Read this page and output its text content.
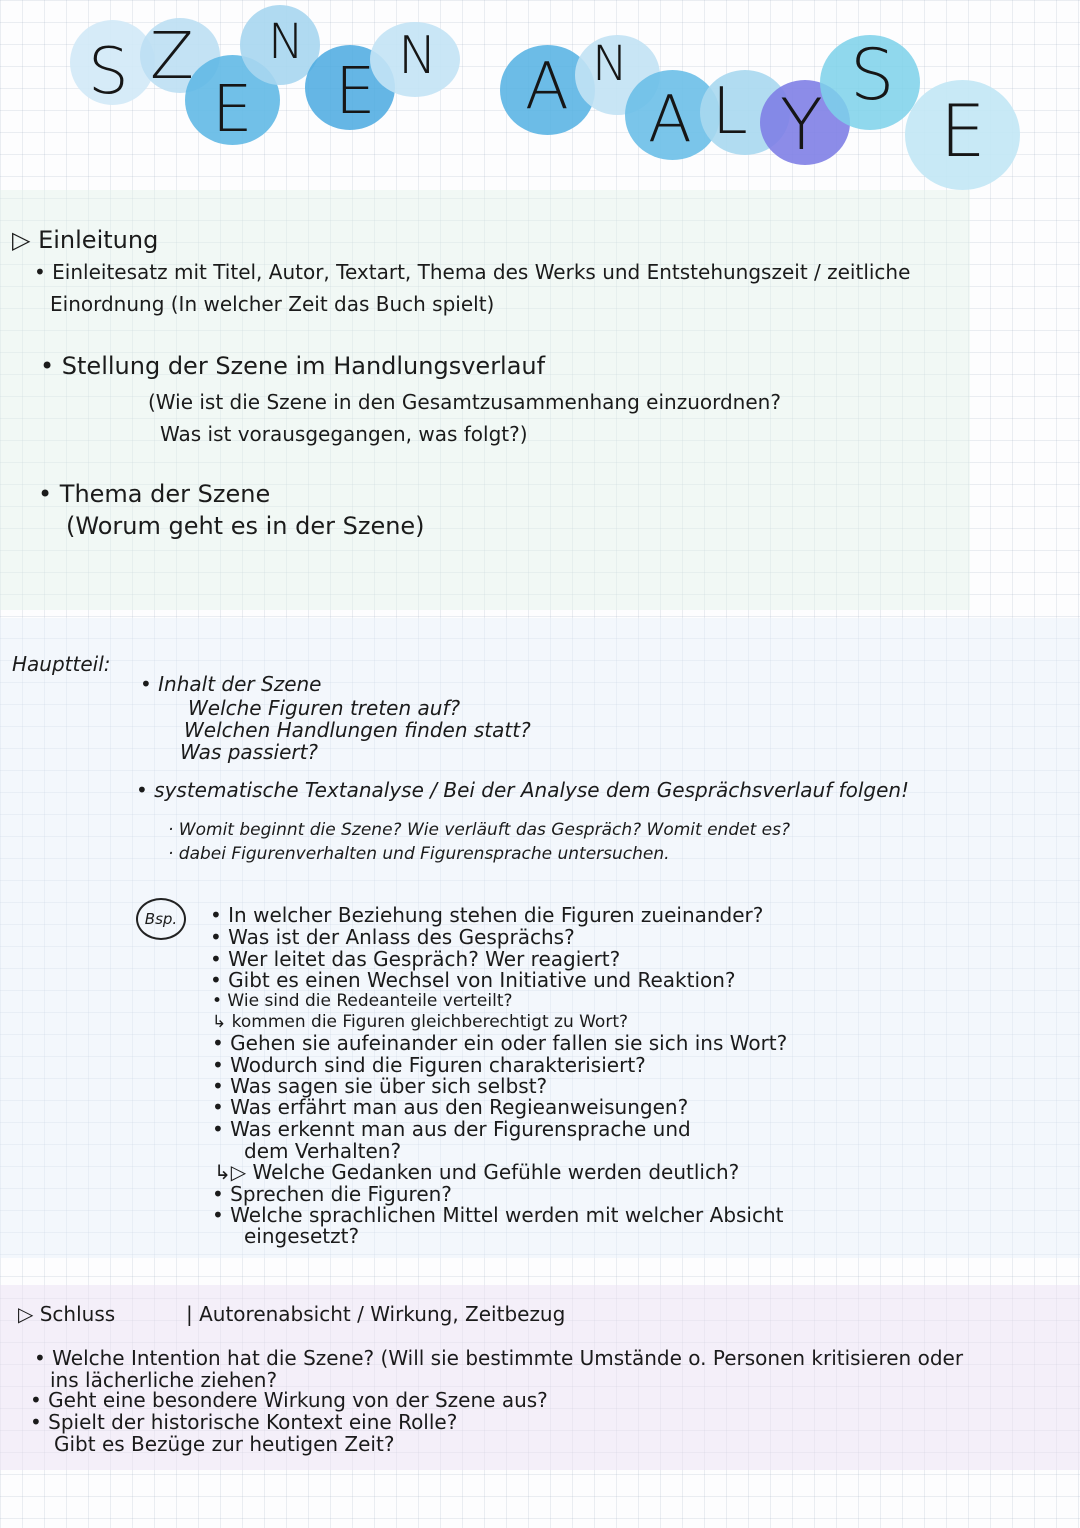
S Z
E
N
E N A N
A L Y
S
E
▷ Einleitung
• Einleitesatz mit Titel, Autor, Textart, Thema des Werks und Entstehungszeit / zeitliche
Einordnung (In welcher Zeit das Buch spielt)
• Stellung der Szene im Handlungsverlauf
(Wie ist die Szene in den Gesamtzusammenhang einzuordnen?
Was ist vorausgegangen, was folgt?)
• Thema der Szene
(Worum geht es in der Szene)
Hauptteil:
• Inhalt der Szene
Welche Figuren treten auf?
Welchen Handlungen finden statt?
Was passiert?
• systematische Textanalyse / Bei der Analyse dem Gesprächsverlauf folgen!
· Womit beginnt die Szene? Wie verläuft das Gespräch? Womit endet es?
· dabei Figurenverhalten und Figurensprache untersuchen.
Bsp.	• In welcher Beziehung stehen die Figuren zueinander?
• Was ist der Anlass des Gesprächs?
• Wer leitet das Gespräch? Wer reagiert?
• Gibt es einen Wechsel von Initiative und Reaktion?
• Wie sind die Redeanteile verteilt?
↳ kommen die Figuren gleichberechtigt zu Wort?
• Gehen sie aufeinander ein oder fallen sie sich ins Wort?
• Wodurch sind die Figuren charakterisiert?
• Was sagen sie über sich selbst?
• Was erfährt man aus den Regieanweisungen?
• Was erkennt man aus der Figurensprache und
dem Verhalten?
↳▷ Welche Gedanken und Gefühle werden deutlich?
• Sprechen die Figuren?
• Welche sprachlichen Mittel werden mit welcher Absicht
eingesetzt?
▷ Schluss	| Autorenabsicht / Wirkung, Zeitbezug
• Welche Intention hat die Szene? (Will sie bestimmte Umstände o. Personen kritisieren oder
ins lächerliche ziehen?
• Geht eine besondere Wirkung von der Szene aus?
• Spielt der historische Kontext eine Rolle?
Gibt es Bezüge zur heutigen Zeit?
